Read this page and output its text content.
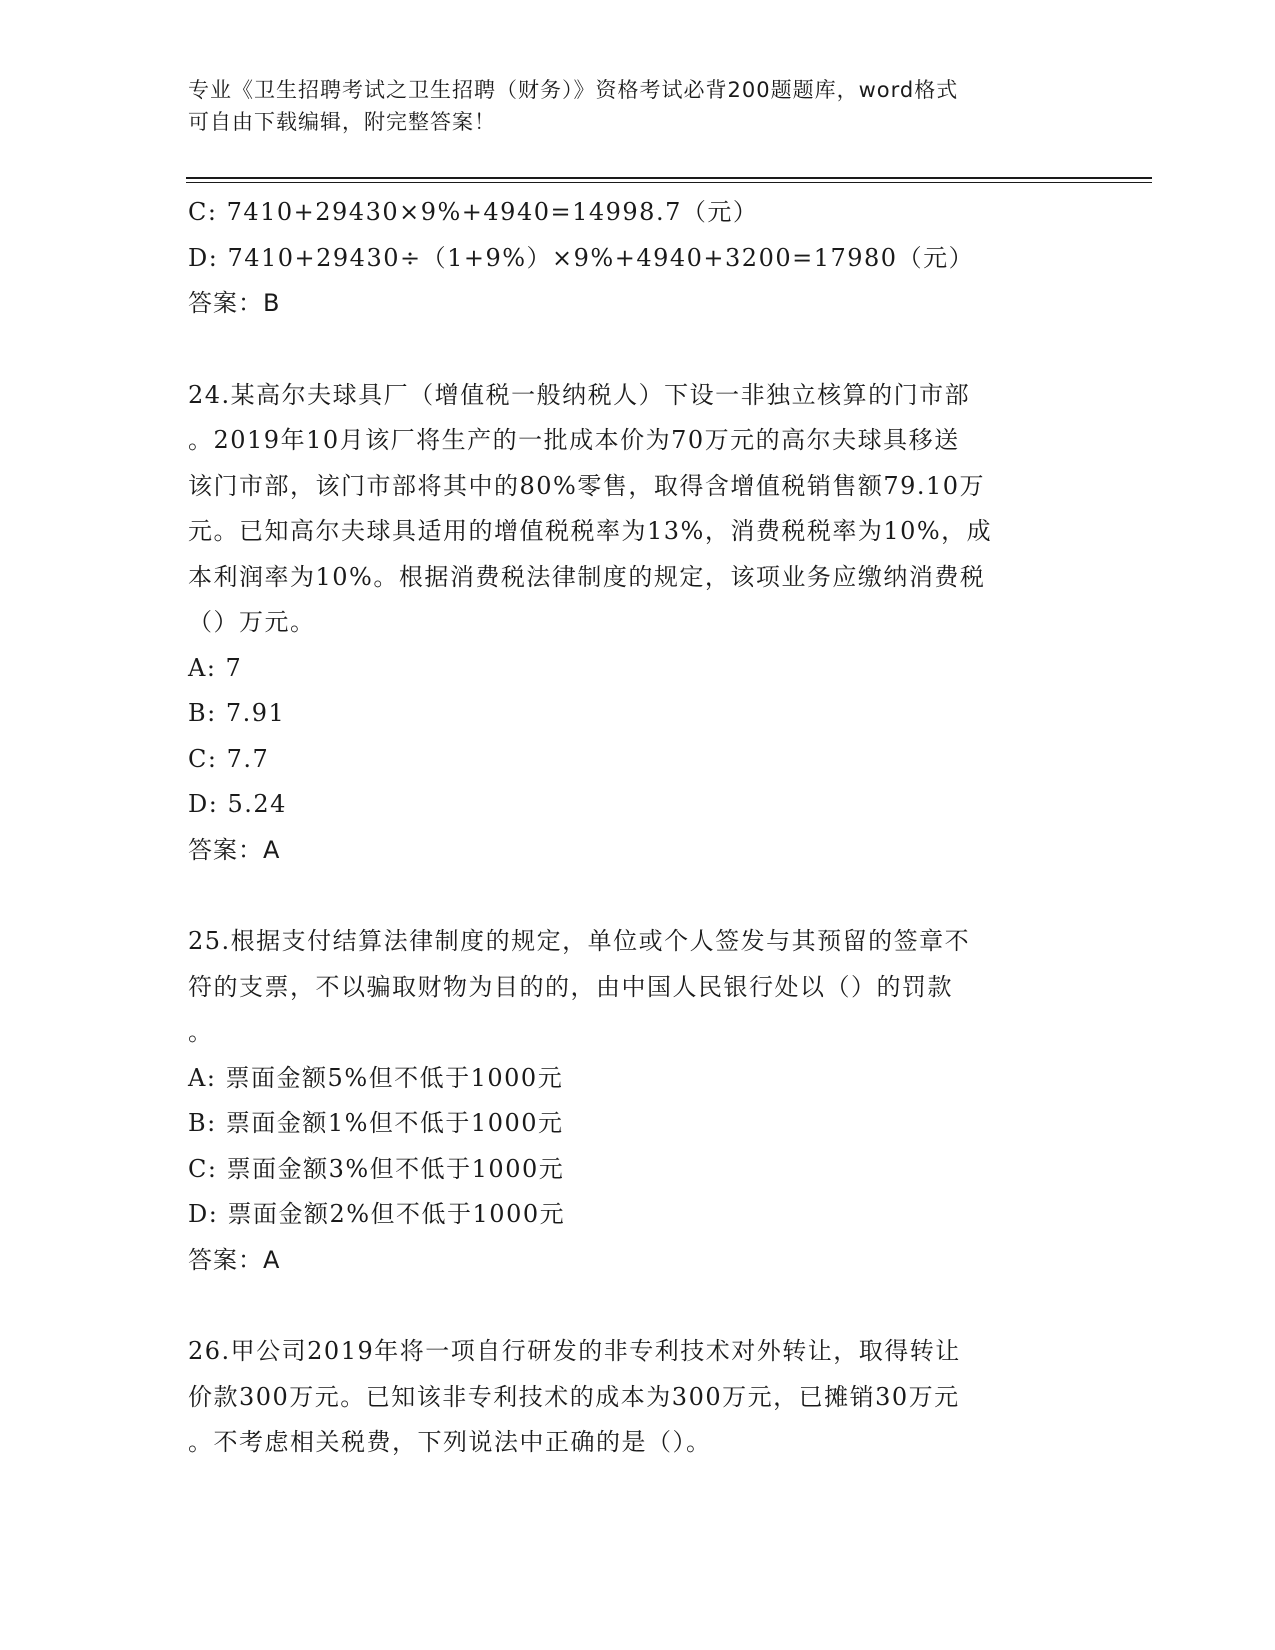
专业《卫生招聘考试之卫生招聘（财务）》资格考试必背200题题库，word格式
可自由下载编辑，附完整答案！

C: 7410+29430×9%+4940=14998.7（元）

D: 7410+29430÷（1+9%）×9%+4940+3200=17980（元）

答案：B

24.某高尔夫球具厂（增值税一般纳税人）下设一非独立核算的门市部

。2019年10月该厂将生产的一批成本价为70万元的高尔夫球具移送

该门市部，该门市部将其中的80%零售，取得含增值税销售额79.10万

元。已知高尔夫球具适用的增值税税率为13%，消费税税率为10%，成

本利润率为10%。根据消费税法律制度的规定，该项业务应缴纳消费税

（）万元。

A: 7

B: 7.91

C: 7.7

D: 5.24

答案：A

25.根据支付结算法律制度的规定，单位或个人签发与其预留的签章不

符的支票，不以骗取财物为目的的，由中国人民银行处以（）的罚款

。

A: 票面金额5%但不低于1000元

B: 票面金额1%但不低于1000元

C: 票面金额3%但不低于1000元

D: 票面金额2%但不低于1000元

答案：A

26.甲公司2019年将一项自行研发的非专利技术对外转让，取得转让

价款300万元。已知该非专利技术的成本为300万元，已摊销30万元

。不考虑相关税费，下列说法中正确的是（）。
